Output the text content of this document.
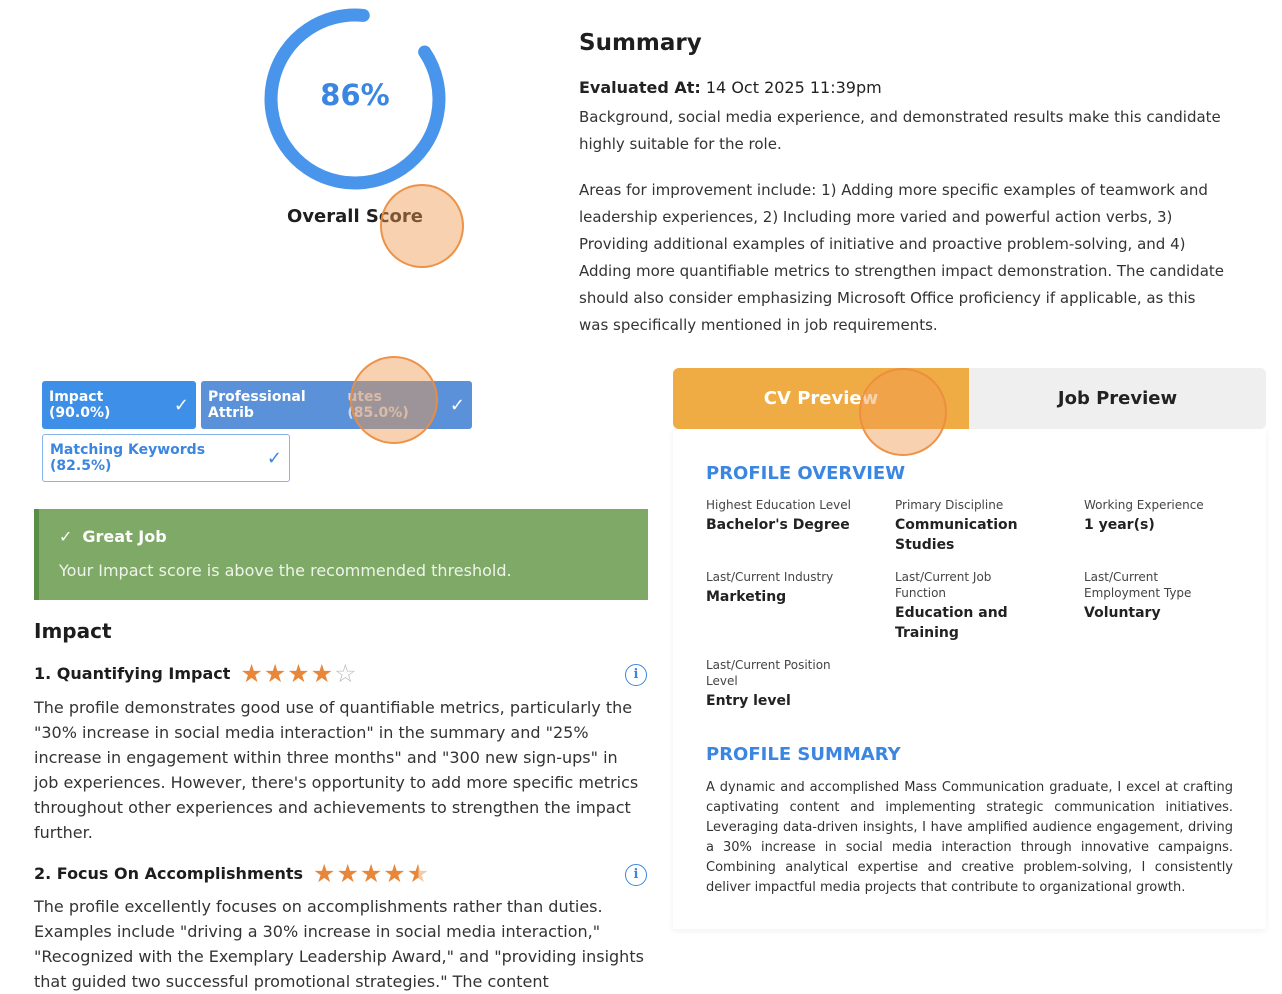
86%
Overall Score
Summary
Evaluated At: 14 Oct 2025 11:39pm
Background, social media experience, and demonstrated results make this candidate highly suitable for the role.
Areas for improvement include: 1) Adding more specific examples of teamwork and leadership experiences, 2) Including more varied and powerful action verbs, 3) Providing additional examples of initiative and proactive problem-solving, and 4) Adding more quantifiable metrics to strengthen impact demonstration. The candidate should also consider emphasizing Microsoft Office proficiency if applicable, as this was specifically mentioned in job requirements.
Impact (90.0%)	✓ Professional Attrib
utes (85.0%)	✓
Matching Keywords (82.5%)	✓
✓ Great Job
Your Impact score is above the recommended threshold.
Impact
1. Quantifying Impact ★★★★☆	i
The profile demonstrates good use of quantifiable metrics, particularly the "30% increase in social media interaction" in the summary and "25% increase in engagement within three months" and "300 new sign-ups" in job experiences. However, there's opportunity to add more specific metrics throughout other experiences and achievements to strengthen the impact further.
2. Focus On Accomplishments ★★★★★	i
The profile excellently focuses on accomplishments rather than duties. Examples include "driving a 30% increase in social media interaction," "Recognized with the Exemplary Leadership Award," and "providing insights that guided two successful promotional strategies." The content
CV Preview	Job Preview
PROFILE OVERVIEW
Highest Education Level
Bachelor's Degree
Primary Discipline
Communication Studies
Working Experience
1 year(s)
Last/Current Industry
Marketing
Last/Current Job Function
Education and Training
Last/Current Employment Type
Voluntary
Last/Current Position Level
Entry level
PROFILE SUMMARY
A dynamic and accomplished Mass Communication graduate, I excel at crafting captivating content and implementing strategic communication initiatives. Leveraging data-driven insights, I have amplified audience engagement, driving a 30% increase in social media interaction through innovative campaigns. Combining analytical expertise and creative problem-solving, I consistently deliver impactful media projects that contribute to organizational growth.
